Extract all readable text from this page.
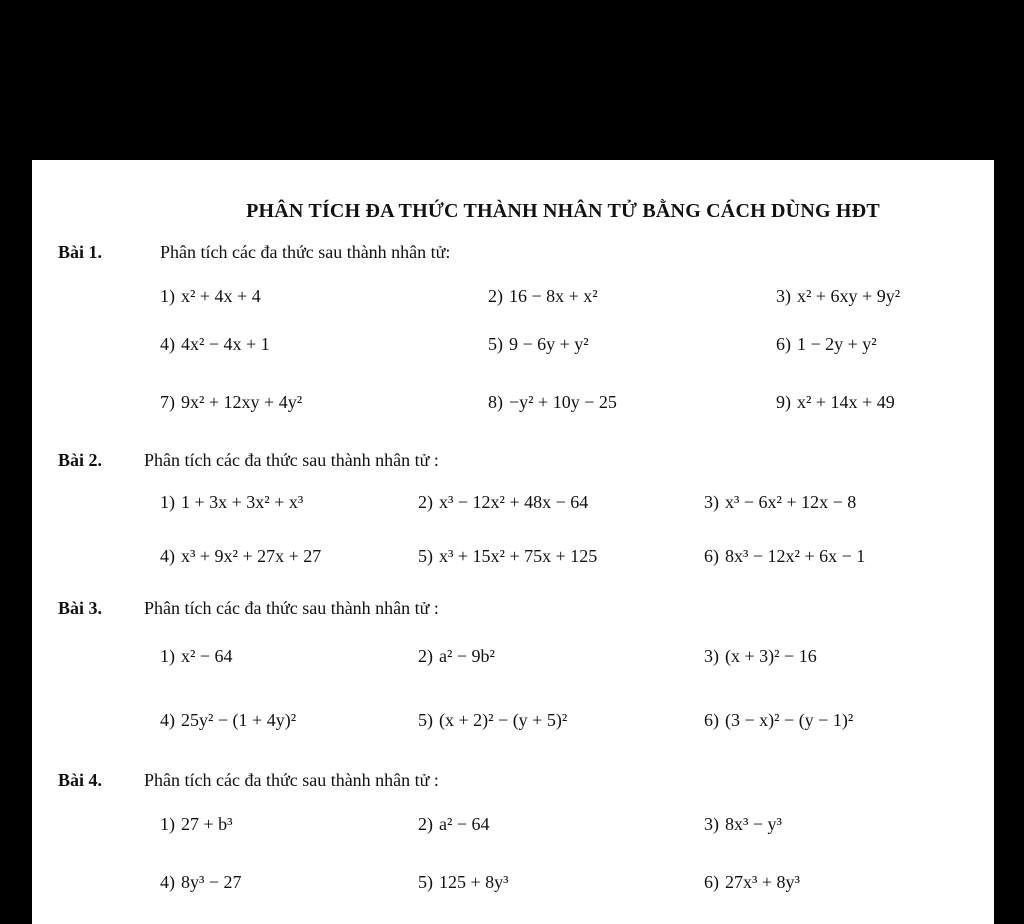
PHÂN TÍCH ĐA THỨC THÀNH NHÂN TỬ BẰNG CÁCH DÙNG HĐT
Bài 1.	Phân tích các đa thức sau thành nhân tử:
1) x² + 4x + 4	2) 16 − 8x + x²	3) x² + 6xy + 9y²
4) 4x² − 4x + 1	5) 9 − 6y + y²	6) 1 − 2y + y²
7) 9x² + 12xy + 4y²	8) −y² + 10y − 25	9) x² + 14x + 49
Bài 2. Phân tích các đa thức sau thành nhân tử :
1) 1 + 3x + 3x² + x³	2) x³ − 12x² + 48x − 64	3) x³ − 6x² + 12x − 8
4) x³ + 9x² + 27x + 27	5) x³ + 15x² + 75x + 125	6) 8x³ − 12x² + 6x − 1
Bài 3. Phân tích các đa thức sau thành nhân tử :
1) x² − 64	2) a² − 9b²	3) (x + 3)² − 16
4) 25y² − (1 + 4y)²	5) (x + 2)² − (y + 5)²	6) (3 − x)² − (y − 1)²
Bài 4. Phân tích các đa thức sau thành nhân tử :
1) 27 + b³	2) a² − 64	3) 8x³ − y³
4) 8y³ − 27	5) 125 + 8y³	6) 27x³ + 8y³
